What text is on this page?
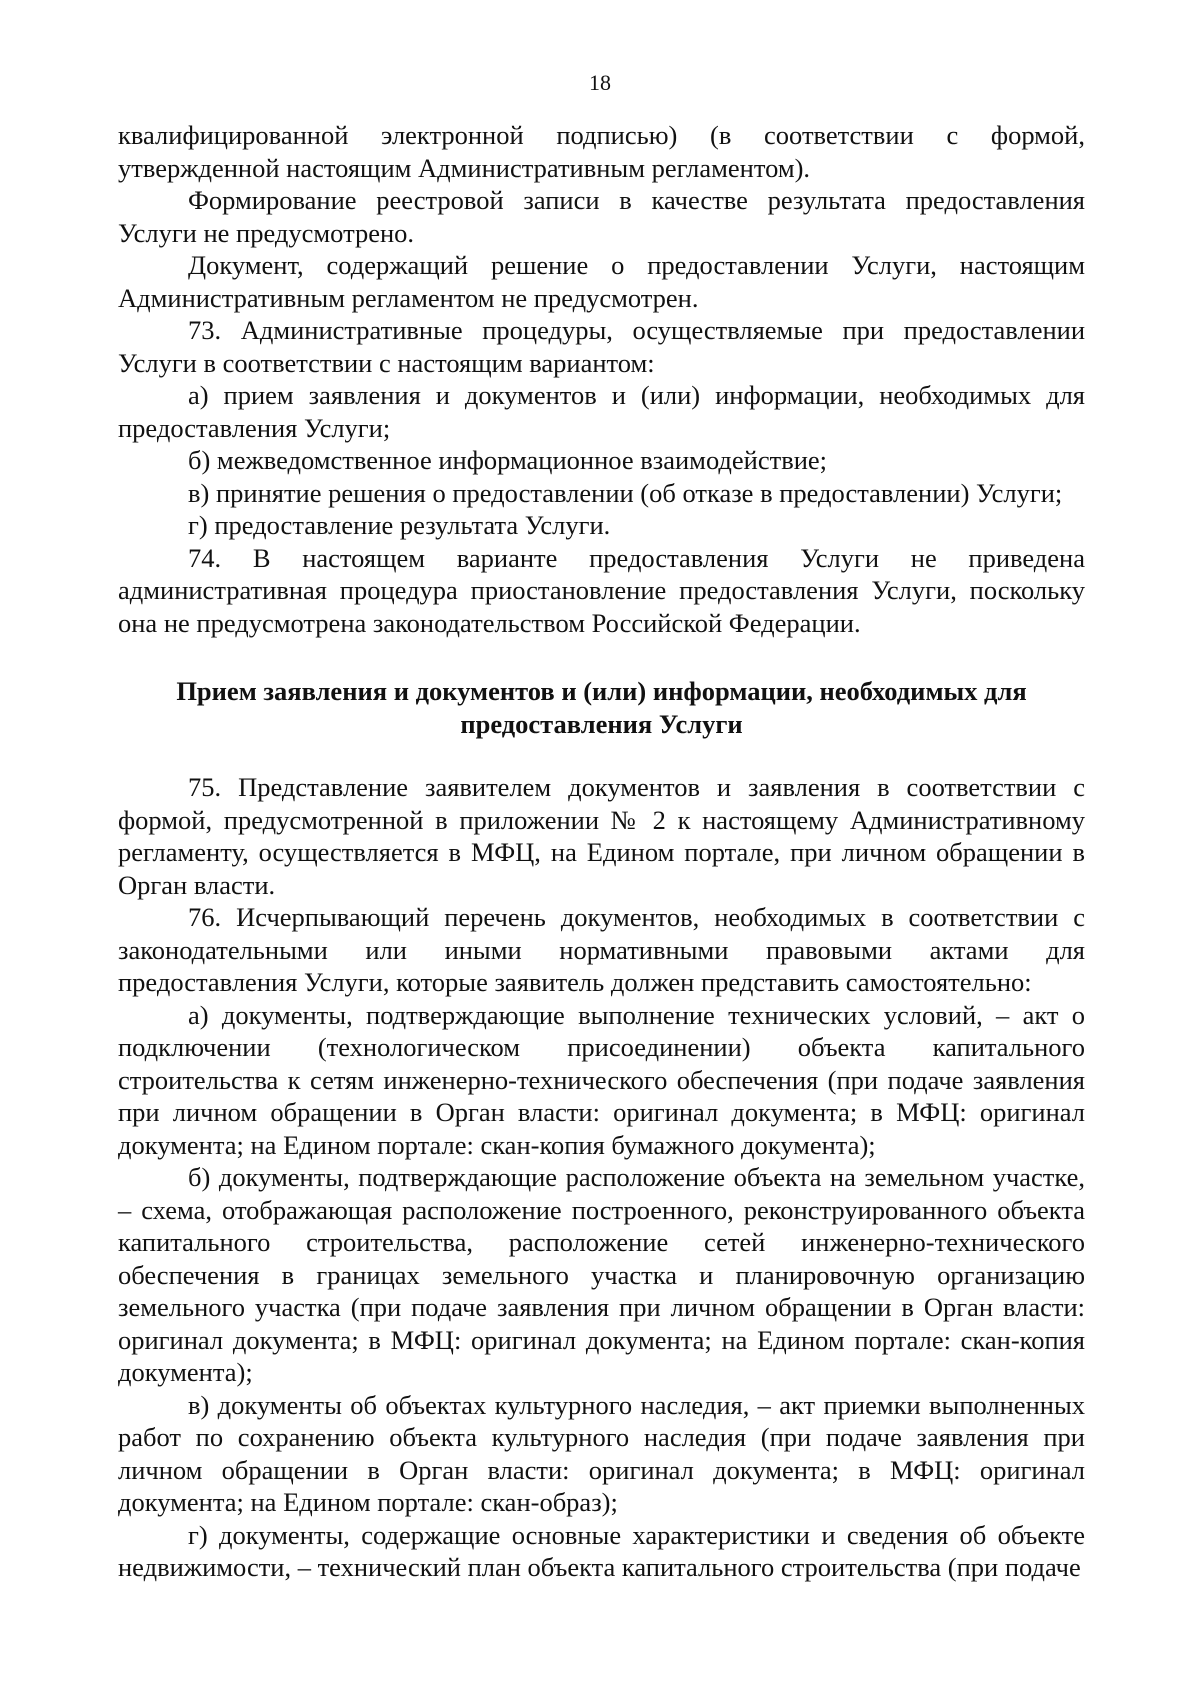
18

квалифицированной электронной подписью) (в соответствии с формой, утвержденной настоящим Административным регламентом).

Формирование реестровой записи в качестве результата предоставления Услуги не предусмотрено.

Документ, содержащий решение о предоставлении Услуги, настоящим Административным регламентом не предусмотрен.

73. Административные процедуры, осуществляемые при предоставлении Услуги в соответствии с настоящим вариантом:

а) прием заявления и документов и (или) информации, необходимых для предоставления Услуги;

б) межведомственное информационное взаимодействие;

в) принятие решения о предоставлении (об отказе в предоставлении) Услуги;

г) предоставление результата Услуги.

74. В настоящем варианте предоставления Услуги не приведена административная процедура приостановление предоставления Услуги, поскольку она не предусмотрена законодательством Российской Федерации.

Прием заявления и документов и (или) информации, необходимых для предоставления Услуги

75. Представление заявителем документов и заявления в соответствии с формой, предусмотренной в приложении № 2 к настоящему Административному регламенту, осуществляется в МФЦ, на Едином портале, при личном обращении в Орган власти.

76. Исчерпывающий перечень документов, необходимых в соответствии с законодательными или иными нормативными правовыми актами для предоставления Услуги, которые заявитель должен представить самостоятельно:

а) документы, подтверждающие выполнение технических условий, – акт о подключении (технологическом присоединении) объекта капитального строительства к сетям инженерно-технического обеспечения (при подаче заявления при личном обращении в Орган власти: оригинал документа; в МФЦ: оригинал документа; на Едином портале: скан-копия бумажного документа);

б) документы, подтверждающие расположение объекта на земельном участке, – схема, отображающая расположение построенного, реконструированного объекта капитального строительства, расположение сетей инженерно-технического обеспечения в границах земельного участка и планировочную организацию земельного участка (при подаче заявления при личном обращении в Орган власти: оригинал документа; в МФЦ: оригинал документа; на Едином портале: скан-копия документа);

в) документы об объектах культурного наследия, – акт приемки выполненных работ по сохранению объекта культурного наследия (при подаче заявления при личном обращении в Орган власти: оригинал документа; в МФЦ: оригинал документа; на Едином портале: скан-образ);

г) документы, содержащие основные характеристики и сведения об объекте недвижимости, – технический план объекта капитального строительства (при подаче
